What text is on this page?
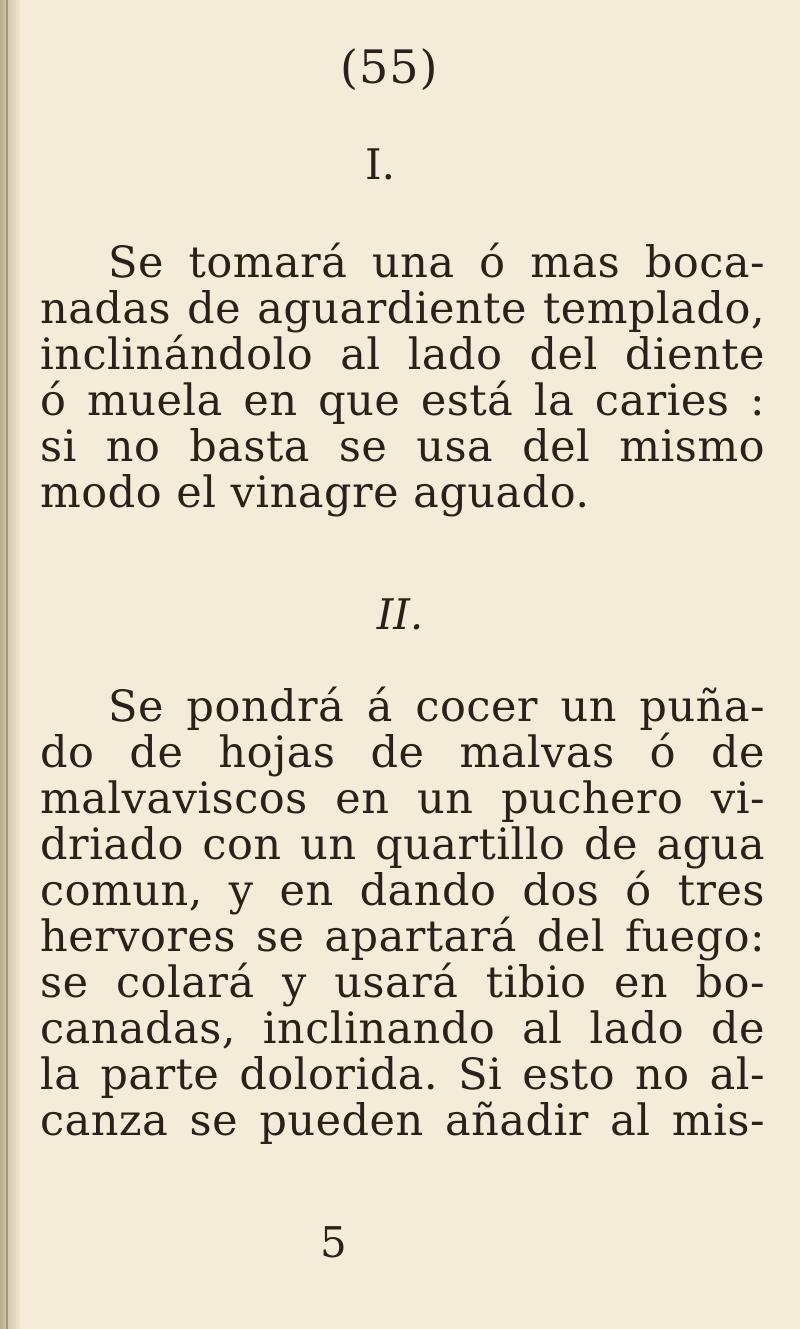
(55)
I.
Se tomará una ó mas boca-
nadas de aguardiente templado,
inclinándolo al lado del diente
ó muela en que está la caries :
si no basta se usa del mismo
modo el vinagre aguado.
II.
Se pondrá á cocer un puña-
do de hojas de malvas ó de
malvaviscos en un puchero vi-
driado con un quartillo de agua
comun, y en dando dos ó tres
hervores se apartará del fuego:
se colará y usará tibio en bo-
canadas, inclinando al lado de
la parte dolorida. Si esto no al-
canza se pueden añadir al mis-
5
